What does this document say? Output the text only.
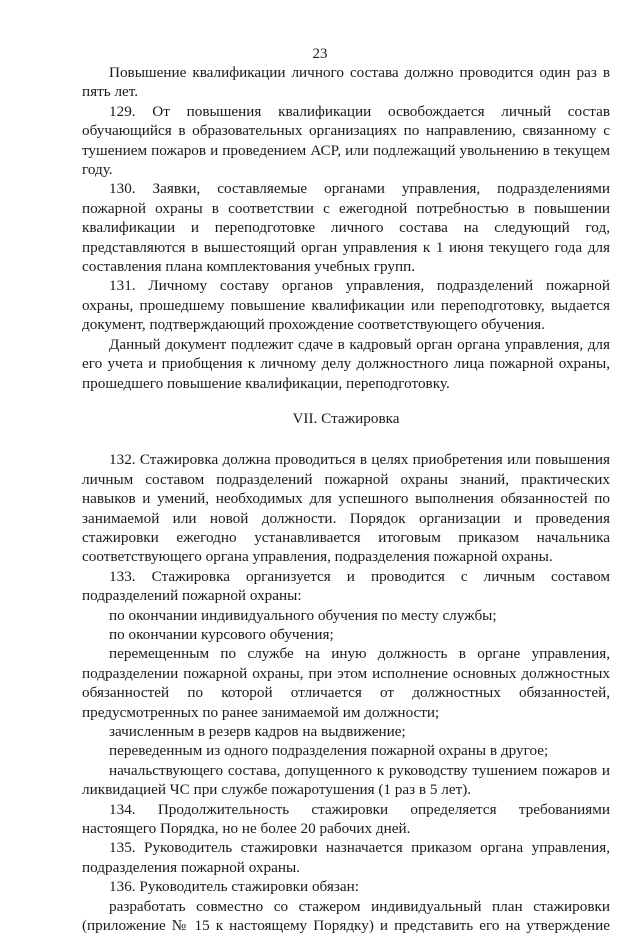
23

Повышение квалификации личного состава должно проводится один раз в пять лет.

129. От повышения квалификации освобождается личный состав обучающийся в образовательных организациях по направлению, связанному с тушением пожаров и проведением АСР, или подлежащий увольнению в текущем году.

130. Заявки, составляемые органами управления, подразделениями пожарной охраны в соответствии с ежегодной потребностью в повышении квалификации и переподготовке личного состава на следующий год, представляются в вышестоящий орган управления к 1 июня текущего года для составления плана комплектования учебных групп.

131. Личному составу органов управления, подразделений пожарной охраны, прошедшему повышение квалификации или переподготовку, выдается документ, подтверждающий прохождение соответствующего обучения.

Данный документ подлежит сдаче в кадровый орган органа управления, для его учета и приобщения к личному делу должностного лица пожарной охраны, прошедшего повышение квалификации, переподготовку.

VII. Стажировка

132. Стажировка должна проводиться в целях приобретения или повышения личным составом подразделений пожарной охраны знаний, практических навыков и умений, необходимых для успешного выполнения обязанностей по занимаемой или новой должности. Порядок организации и проведения стажировки ежегодно устанавливается итоговым приказом начальника соответствующего органа управления, подразделения пожарной охраны.

133. Стажировка организуется и проводится с личным составом подразделений пожарной охраны:

по окончании индивидуального обучения по месту службы;

по окончании курсового обучения;

перемещенным по службе на иную должность в органе управления, подразделении пожарной охраны, при этом исполнение основных должностных обязанностей по которой отличается от должностных обязанностей, предусмотренных по ранее занимаемой им должности;

зачисленным в резерв кадров на выдвижение;

переведенным из одного подразделения пожарной охраны в другое;

начальствующего состава, допущенного к руководству тушением пожаров и ликвидацией ЧС при службе пожаротушения (1 раз в 5 лет).

134. Продолжительность стажировки определяется требованиями настоящего Порядка, но не более 20 рабочих дней.

135. Руководитель стажировки назначается приказом органа управления, подразделения пожарной охраны.

136. Руководитель стажировки обязан:

разработать совместно со стажером индивидуальный план стажировки (приложение № 15 к настоящему Порядку) и представить его на утверждение
